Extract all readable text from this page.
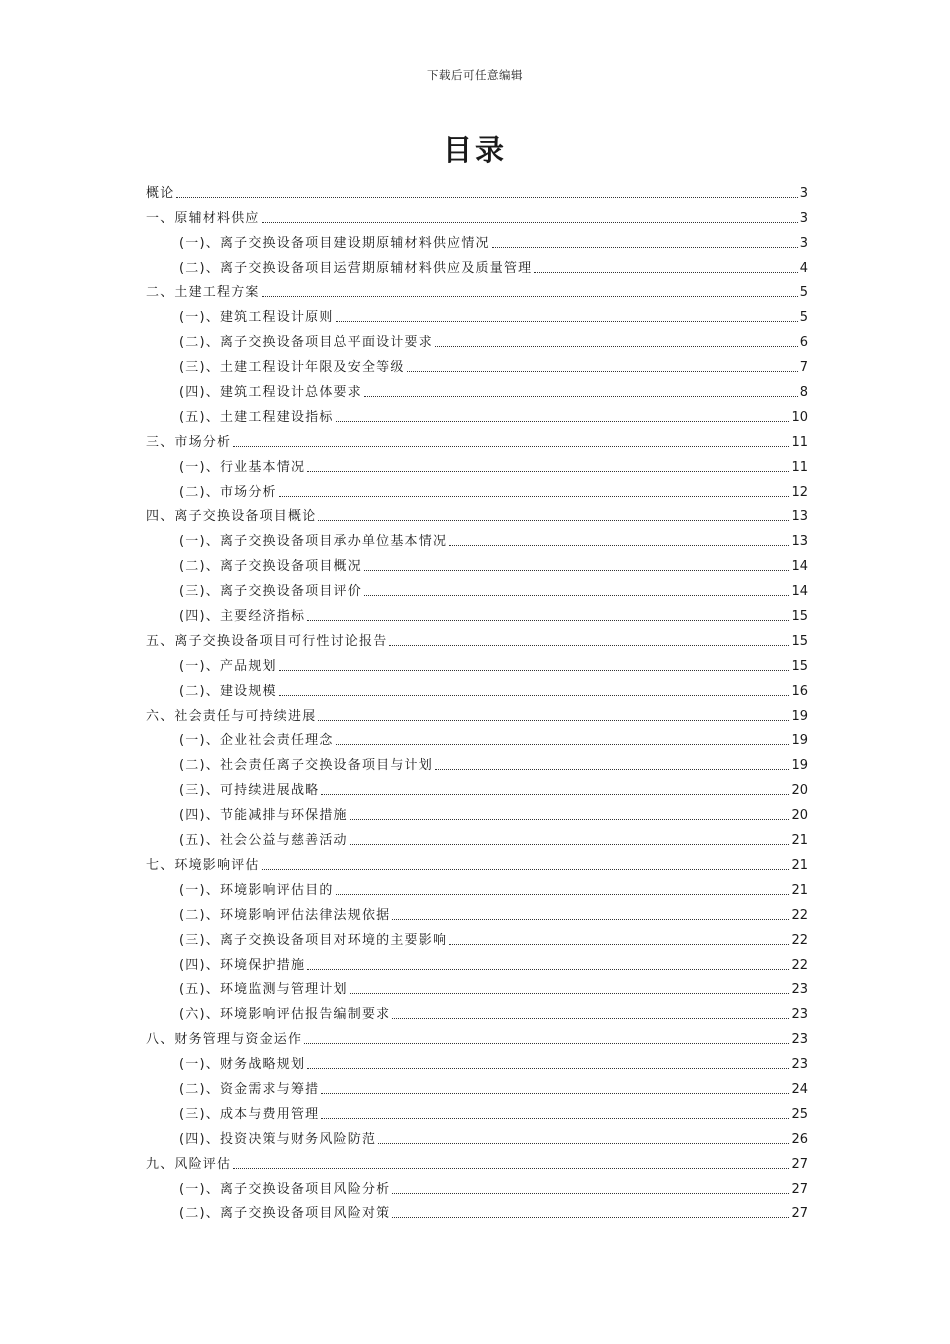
下载后可任意编辑
目录
概论	3
一、原辅材料供应	3
(一)、离子交换设备项目建设期原辅材料供应情况	3
(二)、离子交换设备项目运营期原辅材料供应及质量管理	4
二、土建工程方案	5
(一)、建筑工程设计原则	5
(二)、离子交换设备项目总平面设计要求	6
(三)、土建工程设计年限及安全等级	7
(四)、建筑工程设计总体要求	8
(五)、土建工程建设指标	10
三、市场分析	11
(一)、行业基本情况	11
(二)、市场分析	12
四、离子交换设备项目概论	13
(一)、离子交换设备项目承办单位基本情况	13
(二)、离子交换设备项目概况	14
(三)、离子交换设备项目评价	14
(四)、主要经济指标	15
五、离子交换设备项目可行性讨论报告	15
(一)、产品规划	15
(二)、建设规模	16
六、社会责任与可持续进展	19
(一)、企业社会责任理念	19
(二)、社会责任离子交换设备项目与计划	19
(三)、可持续进展战略	20
(四)、节能减排与环保措施	20
(五)、社会公益与慈善活动	21
七、环境影响评估	21
(一)、环境影响评估目的	21
(二)、环境影响评估法律法规依据	22
(三)、离子交换设备项目对环境的主要影响	22
(四)、环境保护措施	22
(五)、环境监测与管理计划	23
(六)、环境影响评估报告编制要求	23
八、财务管理与资金运作	23
(一)、财务战略规划	23
(二)、资金需求与筹措	24
(三)、成本与费用管理	25
(四)、投资决策与财务风险防范	26
九、风险评估	27
(一)、离子交换设备项目风险分析	27
(二)、离子交换设备项目风险对策	27
